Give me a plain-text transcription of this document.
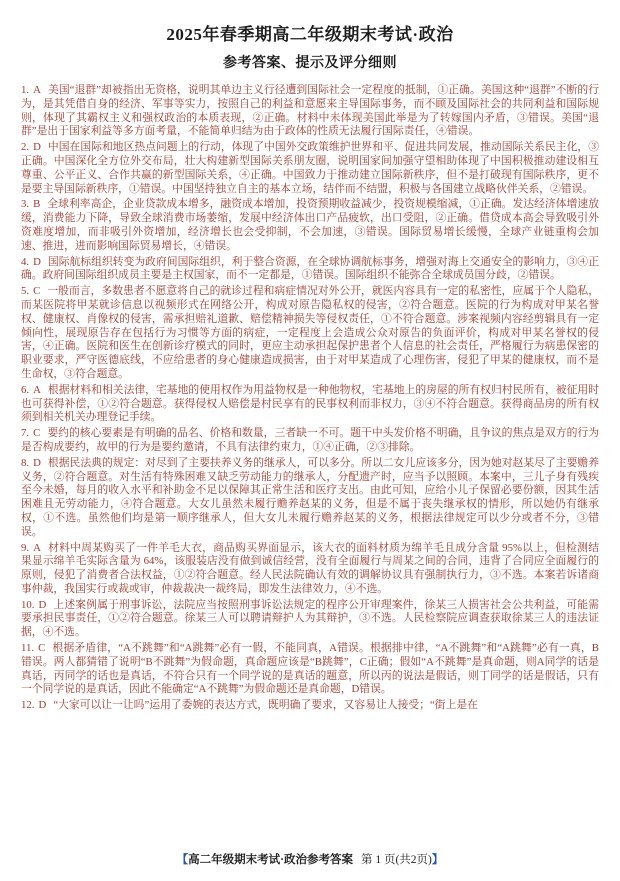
2025年春季期高二年级期末考试·政治
参考答案、提示及评分细则

1. A 美国“退群”却被指出无资格，说明其单边主义行径遭到国际社会一定程度的抵制，①正确。美国这种“退群”不断的行为，是其凭借自身的经济、军事等实力，按照自己的利益和意愿来主导国际事务，而不顾及国际社会的共同利益和国际规则，体现了其霸权主义和强权政治的本质表现，②正确。材料中未体现美国此举是为了转嫁国内矛盾，③错误。美国“退群”是出于国家利益等多方面考量，不能简单归结为由于政体的性质无法履行国际责任，④错误。

2. D 中国在国际和地区热点问题上的行动，体现了中国外交政策维护世界和平、促进共同发展，推动国际关系民主化，③正确。中国深化全方位外交布局，壮大构建新型国际关系朋友圈，说明国家间加强守望相助体现了中国积极推动建设相互尊重、公平正义、合作共赢的新型国际关系，④正确。中国致力于推动建立国际新秩序，但不是打破现有国际秩序，更不是要主导国际新秩序，①错误。中国坚持独立自主的基本立场，结伴而不结盟，积极与各国建立战略伙伴关系，②错误。

3. B 全球利率高企，企业贷款成本增多，融资成本增加，投资预期收益减少，投资规模缩减，①正确。发达经济体增速放缓，消费能力下降，导致全球消费市场萎缩，发展中经济体出口产品疲软，出口受阻，②正确。借贷成本高会导致吸引外资难度增加，而非吸引外资增加，经济增长也会受抑制，不会加速，③错误。国际贸易增长缓慢，全球产业链重构会加速、推进，进而影响国际贸易增长，④错误。

4. D 国际航标组织转变为政府间国际组织，利于整合资源，在全球协调航标事务，增强对海上交通安全的影响力，③④正确。政府间国际组织成员主要是主权国家，而不一定都是，①错误。国际组织不能弥合全球成员国分歧，②错误。

5. C 一般而言，多数患者不愿意将自己的就诊过程和病症情况对外公开，就医内容具有一定的私密性，应属于个人隐私，而某医院将甲某就诊信息以视频形式在网络公开，构成对原告隐私权的侵害，②符合题意。医院的行为构成对甲某名誉权、健康权、肖像权的侵害，需承担赔礼道歉、赔偿精神损失等侵权责任，①不符合题意。涉案视频内容经剪辑具有一定倾向性，展现原告存在包括行为习惯等方面的病症，一定程度上会造成公众对原告的负面评价，构成对甲某名誉权的侵害，④正确。医院和医生在创新诊疗模式的同时，更应主动承担起保护患者个人信息的社会责任，严格履行为病患保密的职业要求，严守医德底线，不应给患者的身心健康造成损害，由于对甲某造成了心理伤害，侵犯了甲某的健康权，而不是生命权，③符合题意。

6. A 根据材料和相关法律，宅基地的使用权作为用益物权是一种他物权，宅基地上的房屋的所有权归村民所有，被征用时也可获得补偿，①②符合题意。获得侵权人赔偿是村民享有的民事权利而非权力，③④不符合题意。获得商品房的所有权须到相关机关办理登记手续。

7. C 要约的核心要素是有明确的品名、价格和数量，三者缺一不可。题干中头发价格不明确，且争议的焦点是双方的行为是否构成要约，故甲的行为是要约邀请，不具有法律约束力，①④正确，②③排除。

8. D 根据民法典的规定：对尽到了主要扶养义务的继承人，可以多分。所以二女儿应该多分，因为她对赵某尽了主要赡养义务，②符合题意。对生活有特殊困难又缺乏劳动能力的继承人，分配遗产时，应当予以照顾。本案中，三儿子身有残疾至今未婚，每月的收入水平和补助金不足以保障其正常生活和医疗支出。由此可知，应给小儿子保留必要份额，因其生活困难且无劳动能力，④符合题意。大女儿虽然未履行赡养赵某的义务，但是不属于丧失继承权的情形，所以她仍有继承权，①不选。虽然他们均是第一顺序继承人，但大女儿未履行赡养赵某的义务，根据法律规定可以少分或者不分，③错误。

9. A 材料中周某购买了一件羊毛大衣，商品购买界面显示，该大衣的面料材质为绵羊毛且成分含量 95%以上，但检测结果显示绵羊毛实际含量为 64%，该服装店没有做到诚信经营，没有全面履行与周某之间的合同，违背了合同应全面履行的原则，侵犯了消费者合法权益，①②符合题意。经人民法院确认有效的调解协议具有强制执行力，③不选。本案若诉诸商事仲裁，我国实行或裁或审，仲裁裁决一裁终局，即发生法律效力，④不选。

10. D 上述案例属于刑事诉讼，法院应当按照刑事诉讼法规定的程序公开审理案件，徐某三人损害社会公共利益，可能需要承担民事责任，①②符合题意。徐某三人可以聘请辩护人为其辩护，③不选。人民检察院应调查获取徐某三人的违法证据，④不选。

11. C 根据矛盾律，“A不跳舞”和“A跳舞”必有一假，不能同真，A错误。根据排中律，“A不跳舞”和“A跳舞”必有一真，B错误。两人都猜错了说明“B不跳舞”为假命题，真命题应该是“B跳舞”，C正确；假如“A不跳舞”是真命题，则A同学的话是真话，丙同学的话也是真话，不符合只有一个同学说的是真话的题意，所以丙的说法是假话，则丁同学的话是假话，只有一个同学说的是真话，因此不能确定“A不跳舞”为假命题还是真命题，D错误。

12. D “大家可以让一让吗”运用了委婉的表达方式，既明确了要求，又容易让人接受；“街上是在

【高二年级期末考试·政治参考答案 第 1 页(共2页)】
